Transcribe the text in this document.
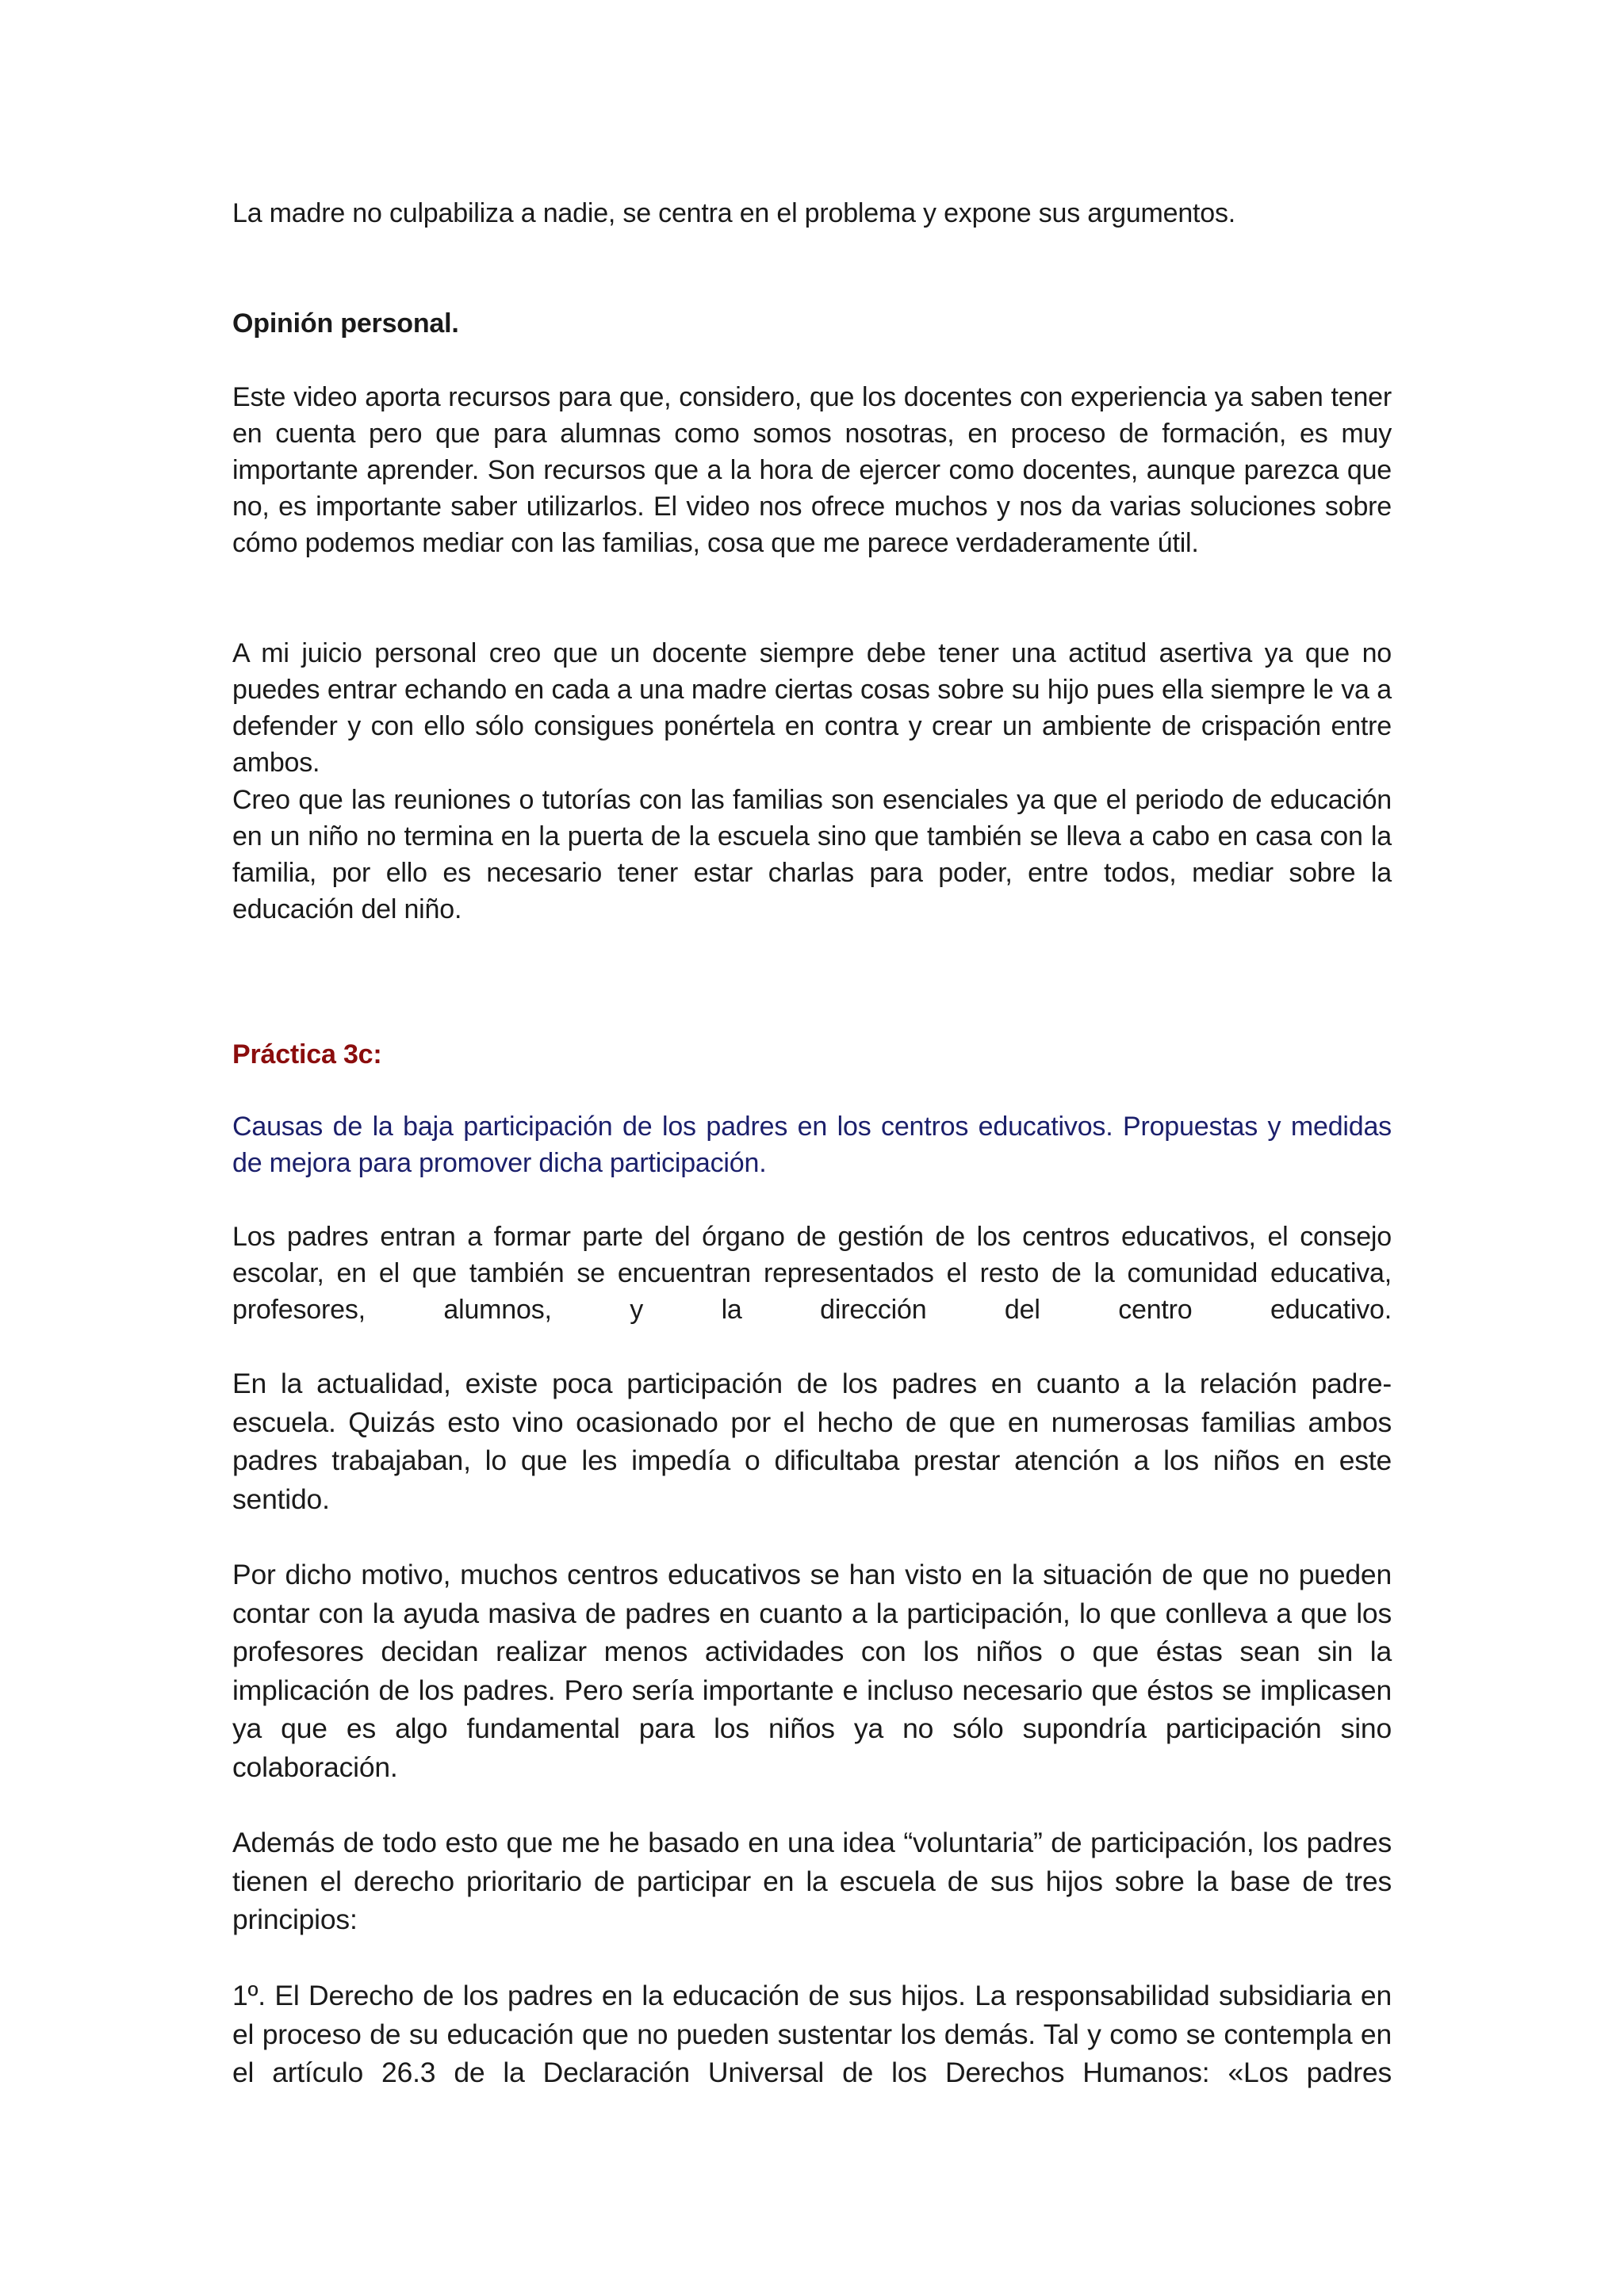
La madre no culpabiliza a nadie, se centra en el problema y expone sus argumentos.

Opinión personal.

Este video aporta recursos para que, considero, que los docentes con experiencia ya saben tener en cuenta pero que para alumnas como somos nosotras, en proceso de formación, es muy importante aprender. Son recursos que a la hora de ejercer como docentes, aunque parezca que no, es importante saber utilizarlos. El video nos ofrece muchos y nos da varias soluciones sobre cómo podemos mediar con las familias, cosa que me parece verdaderamente útil.

A mi juicio personal creo que un docente siempre debe tener una actitud asertiva ya que no puedes entrar echando en cada a una madre ciertas cosas sobre su hijo pues ella siempre le va a defender y con ello sólo consigues ponértela en contra y crear un ambiente de crispación entre ambos.

Creo que las reuniones o tutorías con las familias son esenciales ya que el periodo de educación en un niño no termina en la puerta de la escuela sino que también se lleva a cabo en casa con la familia, por ello es necesario tener estar charlas para poder, entre todos, mediar sobre la educación del niño.

Práctica 3c:

Causas de la baja participación de los padres en los centros educativos. Propuestas y medidas de mejora para promover dicha participación.

Los padres entran a formar parte del órgano de gestión de los centros educativos, el consejo escolar, en el que también se encuentran representados el resto de la comunidad educativa, profesores, alumnos, y la dirección del centro educativo.

En la actualidad, existe poca participación de los padres en cuanto a la relación padre-escuela. Quizás esto vino ocasionado por el hecho de que en numerosas familias ambos padres trabajaban, lo que les impedía o dificultaba prestar atención a los niños en este sentido.

Por dicho motivo, muchos centros educativos se han visto en la situación de que no pueden contar con la ayuda masiva de padres en cuanto a la participación, lo que conlleva a que los profesores decidan realizar menos actividades con los niños o que éstas sean sin la implicación de los padres. Pero sería importante e incluso necesario que éstos se implicasen ya que es algo fundamental para los niños ya no sólo supondría participación sino colaboración.

Además de todo esto que me he basado en una idea “voluntaria” de participación, los padres tienen el derecho prioritario de participar en la escuela de sus hijos sobre la base de tres principios:

1º. El Derecho de los padres en la educación de sus hijos. La responsabilidad subsidiaria en el proceso de su educación que no pueden sustentar los demás. Tal y como se contempla en el artículo 26.3 de la Declaración Universal de los Derechos Humanos: «Los padres
